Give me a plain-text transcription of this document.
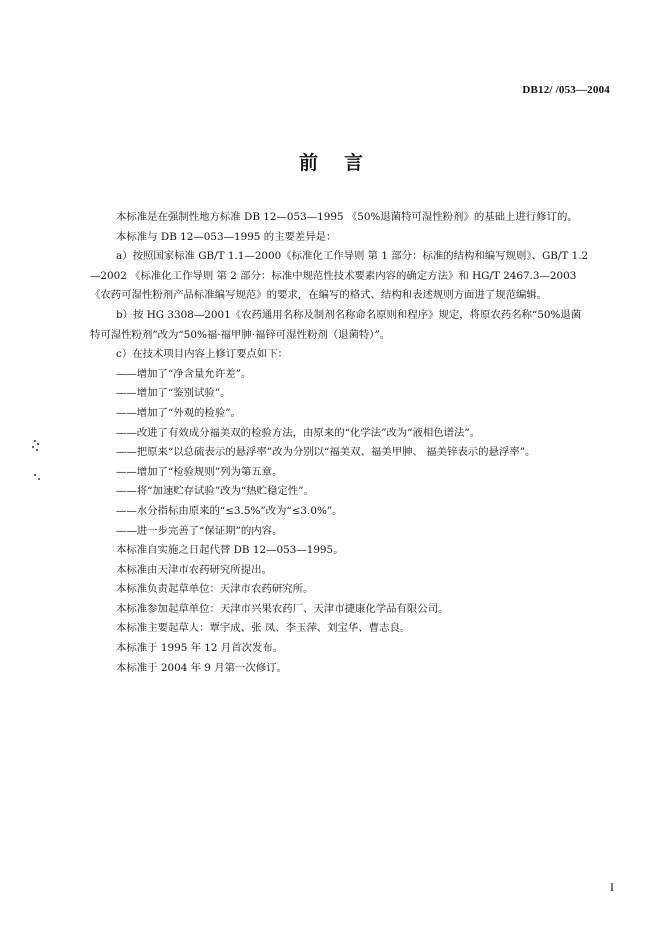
DB12/ /053—2004
前言

本标准是在强制性地方标准 DB 12—053—1995 《50%退菌特可湿性粉剂》的基础上进行修订的。

本标准与 DB 12—053—1995 的主要差异是：

a）按照国家标准 GB/T 1.1—2000《标准化工作导则 第 1 部分：标准的结构和编写规则》、GB/T 1.2

—2002 《标准化工作导则 第 2 部分：标准中规范性技术要素内容的确定方法》和 HG/T 2467.3—2003

《农药可湿性粉剂产品标准编写规范》的要求，在编写的格式、结构和表述规则方面进了规范编辑。

b）按 HG 3308—2001《农药通用名称及制剂名称命名原则和程序》规定，将原农药名称“50%退菌

特可湿性粉剂”改为“50%福·福甲胂·福锌可湿性粉剂（退菌特）”。

c）在技术项目内容上修订要点如下：

——增加了“净含量允许差”。

——增加了“鉴别试验”。

——增加了“外观的检验”。

——改进了有效成分福美双的检验方法，由原来的“化学法”改为“液相色谱法”。

——把原来“以总硫表示的悬浮率”改为分别以“福美双、福美甲胂、 福美锌表示的悬浮率”。

——增加了“检验规则”列为第五章。

——将“加速贮存试验”改为“热贮稳定性”。

——水分指标由原来的“≤3.5%”改为“≤3.0%”。

——进一步完善了“保证期”的内容。

本标准自实施之日起代替 DB 12—053—1995。

本标准由天津市农药研究所提出。

本标准负责起草单位：天津市农药研究所。

本标准参加起草单位：天津市兴果农药厂、天津市捷康化学品有限公司。

本标准主要起草人：覃宇成、张 凤、李玉萍、刘宝华、曹志良。

本标准于 1995 年 12 月首次发布。

本标准于 2004 年 9 月第一次修订。

I
